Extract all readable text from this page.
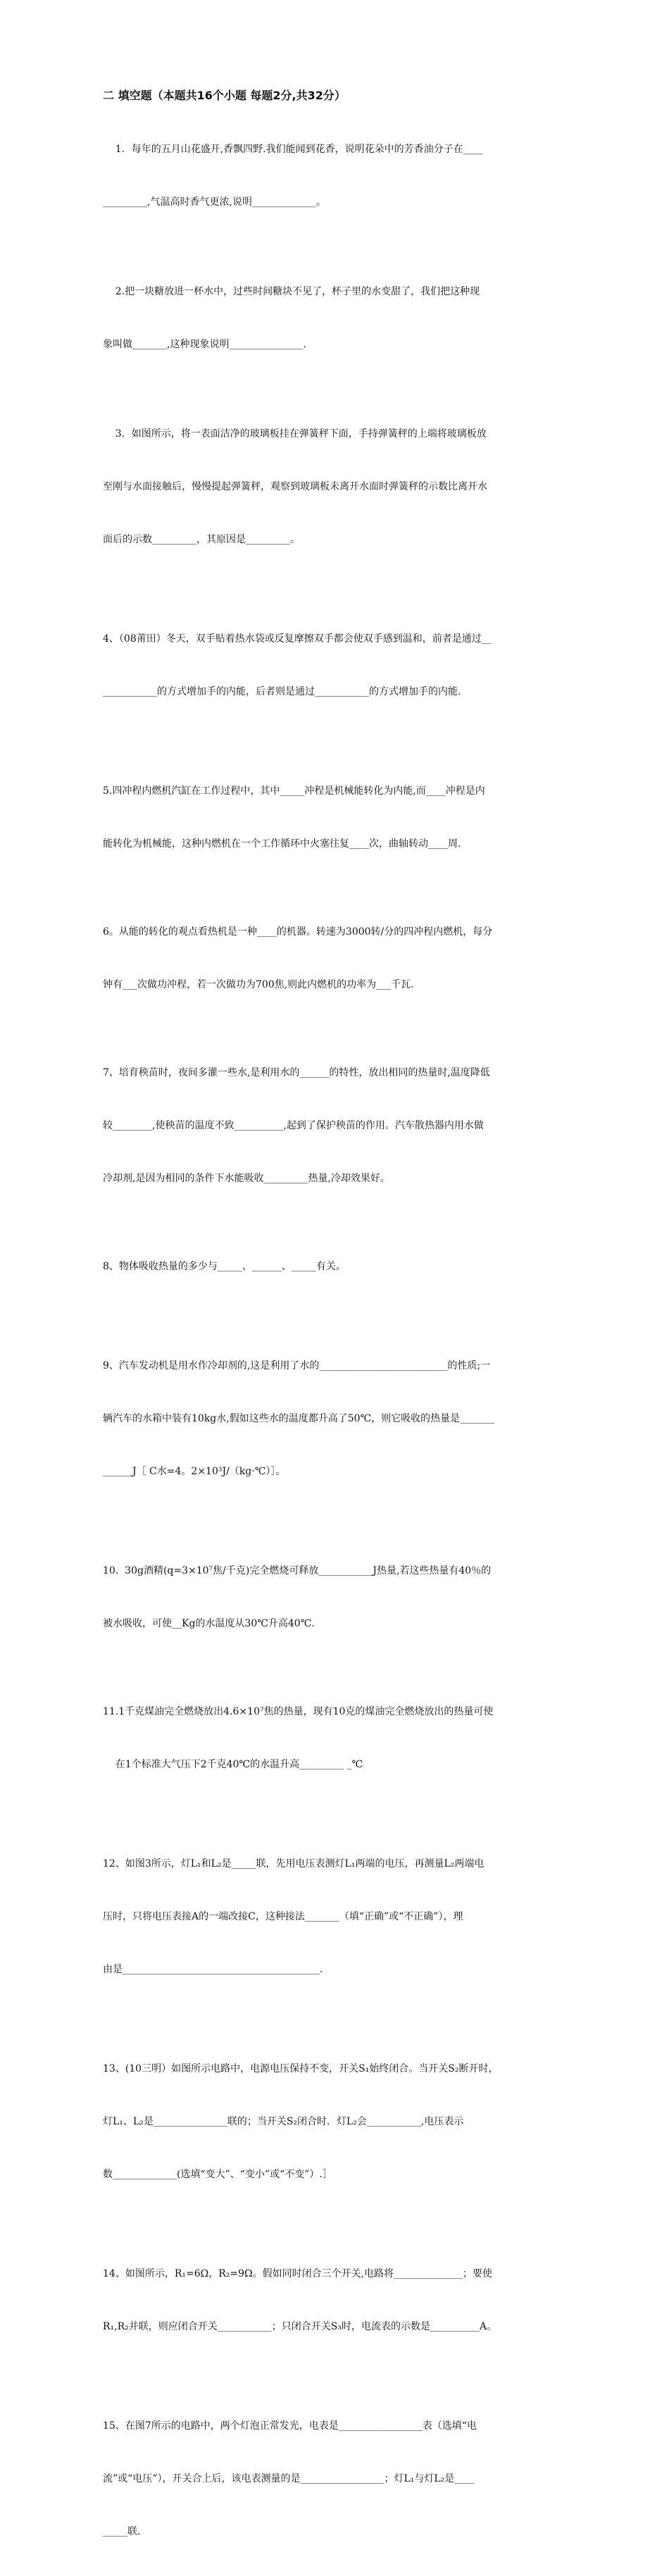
二 填空题（本题共16个小题 每题2分,共32分）

1．每年的五月山花盛开,香飘四野.我们能闻到花香，说明花朵中的芳香油分子在____

_________,气温高时香气更浓,说明_____________。

2.把一块糖放进一杯水中，过些时间糖块不见了，杯子里的水变甜了，我们把这种现

象叫做_______,这种现象说明_______________.

3．如图所示，将一表面洁净的玻璃板挂在弹簧秤下面，手持弹簧秤的上端将玻璃板放

至刚与水面接触后，慢慢提起弹簧秤，观察到玻璃板未离开水面时弹簧秤的示数比离开水

面后的示数_________，其原因是_________。

4、（08莆田）冬天，双手贴着热水袋或反复摩擦双手都会使双手感到温和，前者是通过__

___________的方式增加手的内能，后者则是通过___________的方式增加手的内能.

5.四冲程内燃机汽缸在工作过程中，其中_____冲程是机械能转化为内能,而____冲程是内

能转化为机械能，这种内燃机在一个工作循环中火塞往复____次，曲轴转动____周.

6。从能的转化的观点看热机是一种____的机器。转速为3000转/分的四冲程内燃机，每分

钟有___次做功冲程，若一次做功为700焦,则此内燃机的功率为___千瓦.

7、培育秧苗时，夜间多灌一些水,是利用水的______的特性，放出相同的热量时,温度降低

较________,使秧苗的温度不致__________,起到了保护秧苗的作用。汽车散热器内用水做

冷却剂,是因为相同的条件下水能吸收_________热量,冷却效果好。

8、物体吸收热量的多少与_____、______、_____有关。

9、汽车发动机是用水作冷却剂的,这是利用了水的__________________________的性质;一

辆汽车的水箱中装有10kg水,假如这些水的温度都升高了50℃，则它吸收的热量是_______

______J［ C水=4。2×10³J/（kg·℃）］。

10.  30g酒精(q=3×10⁷焦/千克)完全燃烧可释放___________J热量,若这些热量有40％的

被水吸收，可使__Kg的水温度从30℃升高40℃.

11.1千克煤油完全燃烧放出4.6×10⁷焦的热量，现有10克的煤油完全燃烧放出的热量可使

在1个标准大气压下2千克40℃的水温升高_________ _℃

12、如图3所示，灯L₁和L₂是_____联，先用电压表测灯L₁两端的电压，再测量L₂两端电

压时，只将电压表接A的一端改接C，这种接法_______（填“正确”或“不正确”），理

由是________________________________________.

13、(10三明）如图所示电路中，电源电压保持不变，开关S₁始终闭合。当开关S₂断开时，

灯L₁、L₂是_______________联的；当开关S₂闭合时．灯L₂会___________,电压表示

数_____________(选填“变大”、“变小”或“不变”）.］

14、如图所示，R₁=6Ω，R₂=9Ω。假如同时闭合三个开关,电路将______________；要使

R₁,R₂并联，则应闭合开关___________；只闭合开关S₃时，电流表的示数是__________A。

15、在图7所示的电路中，两个灯泡正常发光，电表是_________________表（选填“电

流”或“电压”），开关合上后，该电表测量的是_________________；灯L₁与灯L₂是____

_____联.
